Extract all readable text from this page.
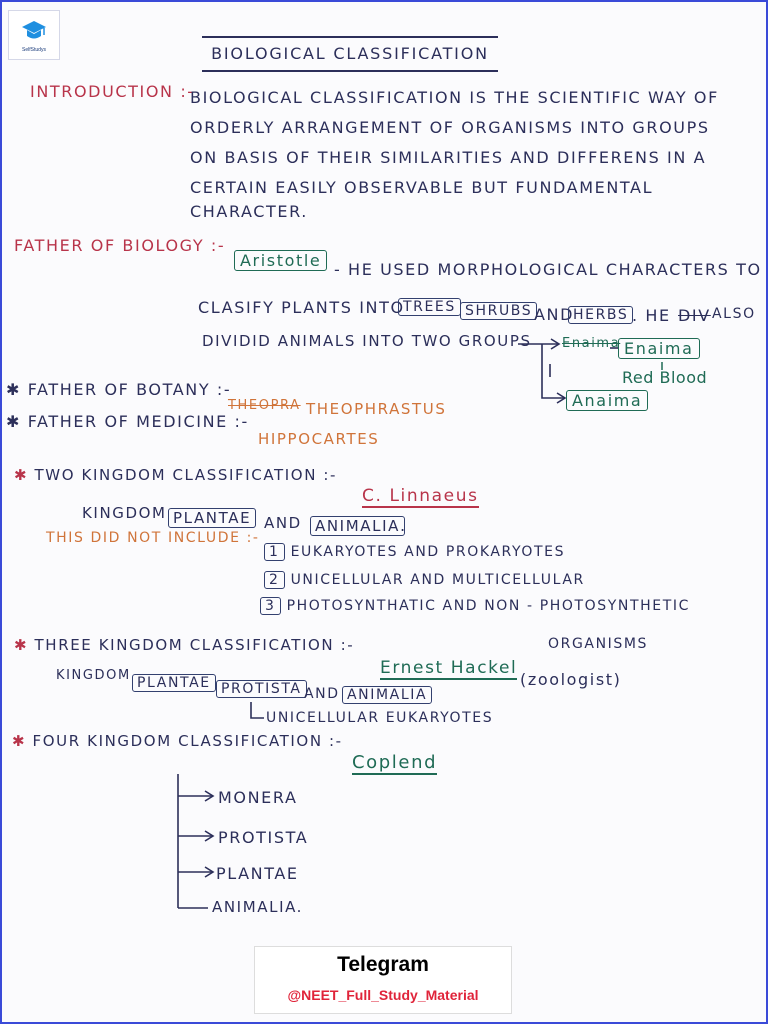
SelfStudys	BIOLOGICAL CLASSIFICATION
INTRODUCTION :-
BIOLOGICAL CLASSIFICATION IS THE SCIENTIFIC WAY OF
ORDERLY ARRANGEMENT OF ORGANISMS INTO GROUPS
ON BASIS OF THEIR SIMILARITIES AND DIFFERENS IN A
CERTAIN EASILY OBSERVABLE BUT FUNDAMENTAL
CHARACTER.
FATHER OF BIOLOGY :-
Aristotle - HE USED MORPHOLOGICAL CHARACTERS TO
CLASIFY PLANTS INTO
TREES SHRUBS AND
HERBS . HE DIV ALSO
DIVIDID ANIMALS INTO TWO GROUPS Enaima Enaima
Red Blood
Anaima
✱ FATHER OF BOTANY :-
THEOPRA THEOPHRASTUS
✱ FATHER OF MEDICINE :-
HIPPOCARTES
✱ TWO KINGDOM CLASSIFICATION :-
C. Linnaeus
KINGDOM PLANTAE AND ANIMALIA .
THIS DID NOT INCLUDE :-
1 EUKARYOTES AND PROKARYOTES
2 UNICELLULAR AND MULTICELLULAR
3 PHOTOSYNTHATIC AND NON - PHOTOSYNTHETIC
ORGANISMS
✱ THREE KINGDOM CLASSIFICATION :-
Ernest Hackel
(zoologist)
KINGDOM PLANTAE PROTISTA AND ANIMALIA
UNICELLULAR EUKARYOTES
✱ FOUR KINGDOM CLASSIFICATION :-
Coplend
MONERA
PROTISTA
PLANTAE
ANIMALIA.
Telegram
@NEET_Full_Study_Material
